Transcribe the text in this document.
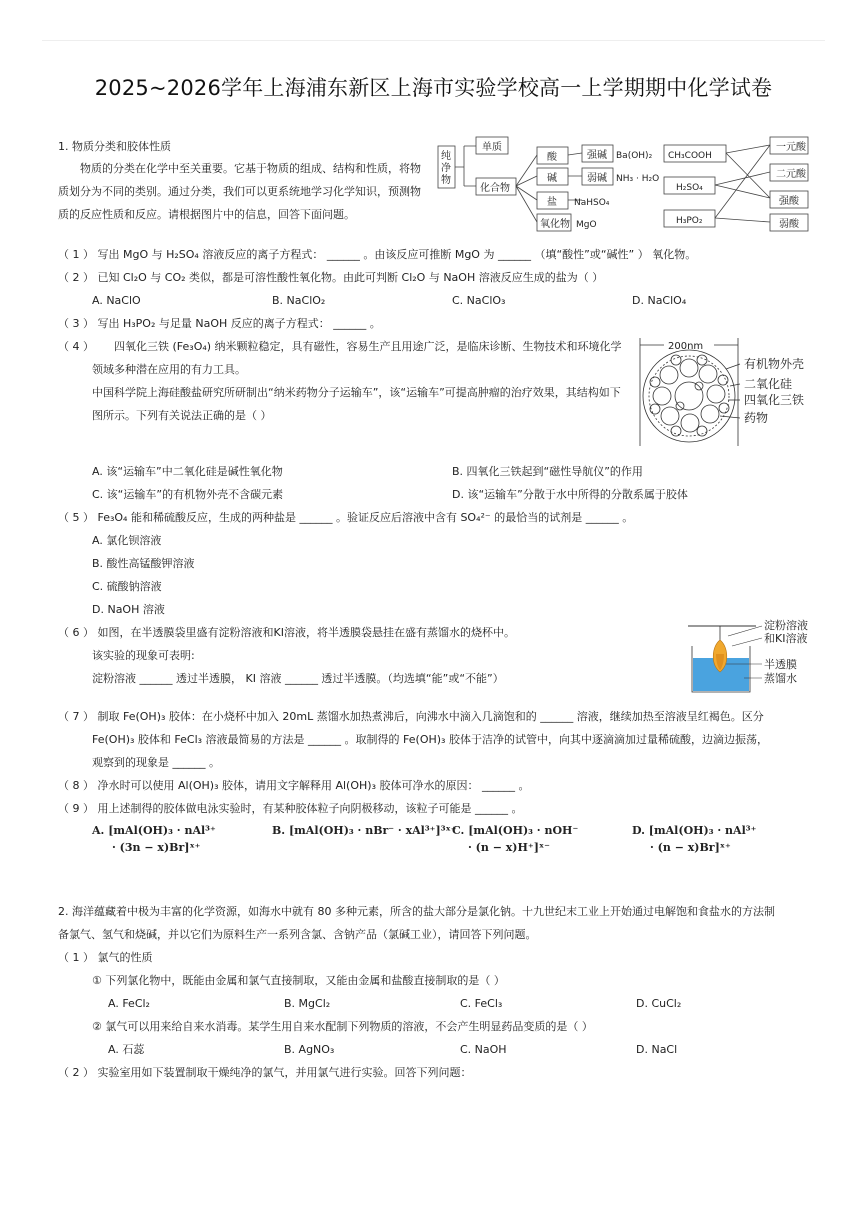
2025~2026学年上海浦东新区上海市实验学校高一上学期期中化学试卷
1. 物质分类和胶体性质
物质的分类在化学中至关重要。它基于物质的组成、结构和性质，将物质划分为不同的类别。通过分类，我们可以更系统地学习化学知识，预测物质的反应性质和反应。请根据图片中的信息，回答下面问题。
纯
净
物
单质
化合物
酸
碱
盐
氧化物
强碱
弱碱
Ba(OH)₂
NH₃ · H₂O
NaHSO₄
MgO
CH₃COOH
H₂SO₄
H₃PO₂
一元酸
二元酸
强酸
弱酸
（ 1 ） 写出 MgO 与 H₂SO₄ 溶液反应的离子方程式： ______ 。由该反应可推断 MgO 为 ______ （填“酸性”或“碱性” ） 氧化物。
（ 2 ） 已知 Cl₂O 与 CO₂ 类似，都是可溶性酸性氧化物。由此可判断 Cl₂O 与 NaOH 溶液反应生成的盐为（ ）
A. NaClO	B. NaClO₂	C. NaClO₃	D. NaClO₄
（ 3 ） 写出 H₃PO₂ 与足量 NaOH 反应的离子方程式： ______ 。
（ 4 ）	四氧化三铁 (Fe₃O₄) 纳米颗粒稳定，具有磁性，容易生产且用途广泛，是临床诊断、生物技术和环境化学领域多种潜在应用的有力工具。
中国科学院上海硅酸盐研究所研制出“纳米药物分子运输车”，该“运输车”可提高肿瘤的治疗效果，其结构如下图所示。下列有关说法正确的是（ ）
200nm
有机物外壳
二氧化硅
四氧化三铁
药物
A. 该“运输车”中二氧化硅是碱性氧化物	B. 四氧化三铁起到“磁性导航仪”的作用
C. 该“运输车”的有机物外壳不含碳元素	D. 该“运输车”分散于水中所得的分散系属于胶体
（ 5 ） Fe₃O₄ 能和稀硫酸反应，生成的两种盐是 ______ 。验证反应后溶液中含有 SO₄²⁻ 的最恰当的试剂是 ______ 。
A. 氯化钡溶液
B. 酸性高锰酸钾溶液
C. 硫酸钠溶液
D. NaOH 溶液
（ 6 ） 如图，在半透膜袋里盛有淀粉溶液和KI溶液，将半透膜袋悬挂在盛有蒸馏水的烧杯中。
该实验的现象可表明:
淀粉溶液 ______ 透过半透膜， KI 溶液 ______ 透过半透膜。（均选填“能”或“不能”）
淀粉溶液
和KI溶液
半透膜
蒸馏水
（ 7 ） 制取 Fe(OH)₃ 胶体：在小烧杯中加入 20mL 蒸馏水加热煮沸后，向沸水中滴入几滴饱和的 ______ 溶液，继续加热至溶液呈红褐色。区分
Fe(OH)₃ 胶体和 FeCl₃ 溶液最简易的方法是 ______ 。取制得的 Fe(OH)₃ 胶体于洁净的试管中，向其中逐滴滴加过量稀硫酸，边滴边振荡，
观察到的现象是 ______ 。
（ 8 ） 净水时可以使用 Al(OH)₃ 胶体，请用文字解释用 Al(OH)₃ 胶体可净水的原因： ______ 。
（ 9 ） 用上述制得的胶体做电泳实验时，有某种胶体粒子向阴极移动，该粒子可能是 ______ 。
A. [mAl(OH)₃ · nAl³⁺
· (3n − x)Br]ˣ⁺
B. [mAl(OH)₃ · nBr⁻ · xAl³⁺]³ˣ⁺
C. [mAl(OH)₃ · nOH⁻
· (n − x)H⁺]ˣ⁻
D. [mAl(OH)₃ · nAl³⁺
· (n − x)Br]ˣ⁺
2. 海洋蕴藏着中极为丰富的化学资源，如海水中就有 80 多种元素，所含的盐大部分是氯化钠。十九世纪末工业上开始通过电解饱和食盐水的方法制
备氯气、氢气和烧碱，并以它们为原料生产一系列含氯、含钠产品（氯碱工业），请回答下列问题。
（ 1 ） 氯气的性质
① 下列氯化物中，既能由金属和氯气直接制取，又能由金属和盐酸直接制取的是（ ）
A. FeCl₂	B. MgCl₂	C. FeCl₃	D. CuCl₂
② 氯气可以用来给自来水消毒。某学生用自来水配制下列物质的溶液，不会产生明显药品变质的是（ ）
A. 石蕊	B. AgNO₃	C. NaOH	D. NaCl
（ 2 ） 实验室用如下装置制取干燥纯净的氯气，并用氯气进行实验。回答下列问题：
